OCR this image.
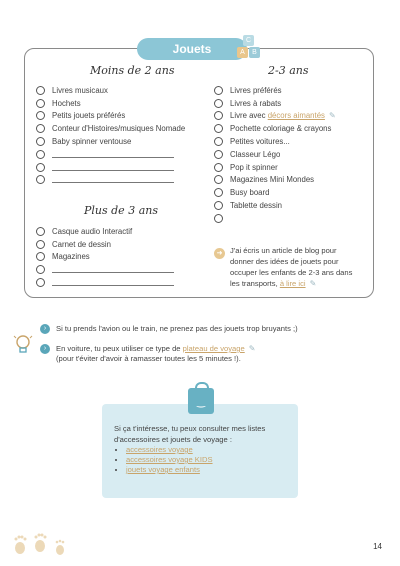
Jouets	A	B
C
Moins de 2 ans
Livres musicaux
Hochets
Petits jouets préférés
Conteur d'Histoires/musiques Nomade
Baby spinner ventouse
Plus de 3 ans
Casque audio Interactif
Carnet de dessin
Magazines
2-3 ans
Livres préférés
Livres à rabats
Livre avec
décors aimantés ✎
Pochette coloriage & crayons
Petites voitures...
Classeur Légo
Pop it spinner
Magazines Mini Mondes
Busy board
Tablette dessin
➜ J'ai écris un article de blog pour
donner des idées de jouets pour
occuper les enfants de 2-3 ans dans
les transports, à lire ici ✎
›	Si tu prends l'avion ou le train, ne prenez pas des jouets trop bruyants ;)
›	En voiture, tu peux utiliser ce type de plateau de voyage ✎
(pour t'éviter d'avoir à ramasser toutes les 5 minutes !).
‿
Si ça t'intéresse, tu peux consulter mes listes
d'accessoires et jouets de voyage :
• accessoires voyage
• accessoires voyage KIDS
• jouets voyage enfants
14
